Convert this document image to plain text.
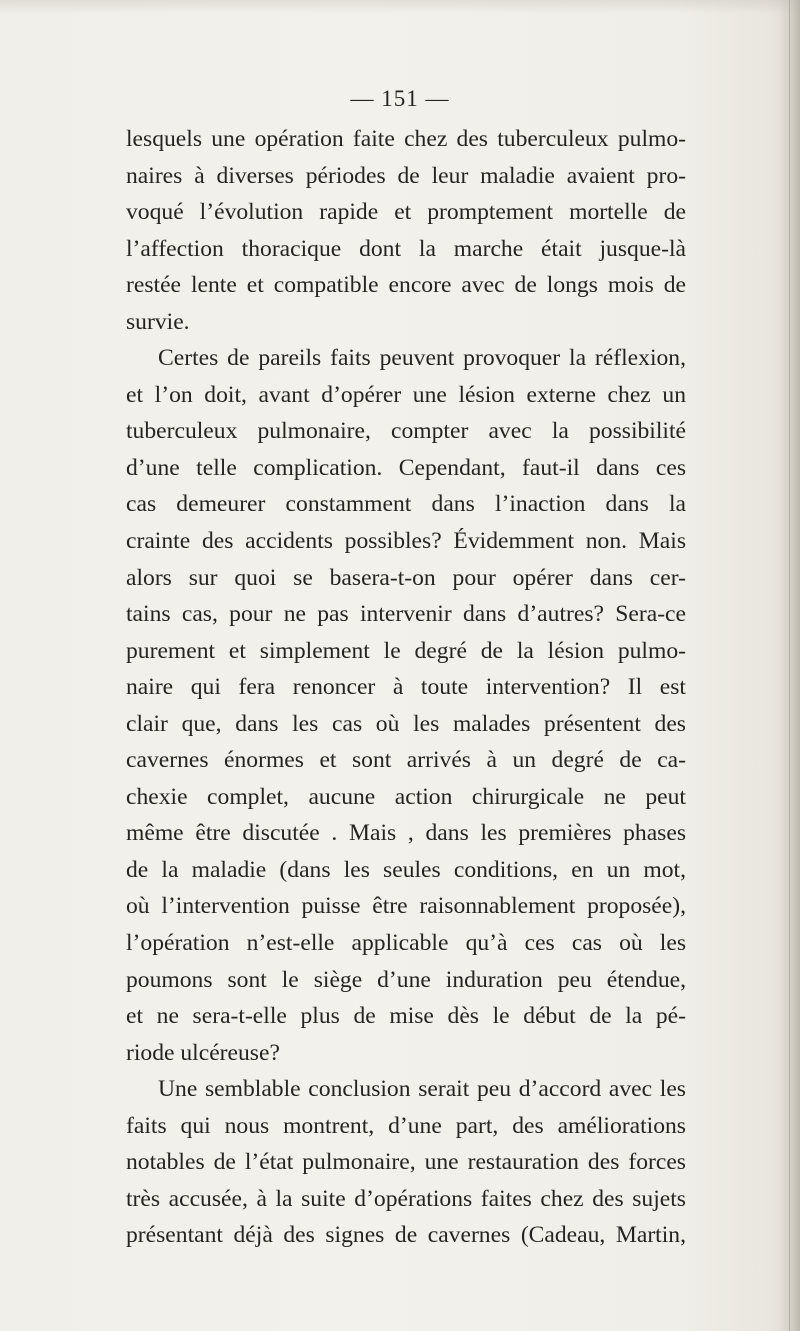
— 151 —
lesquels une opération faite chez des tuberculeux pulmo-
naires à diverses périodes de leur maladie avaient pro-
voqué l’évolution rapide et promptement mortelle de
l’affection thoracique dont la marche était jusque-là
restée lente et compatible encore avec de longs mois de
survie.
Certes de pareils faits peuvent provoquer la réflexion,
et l’on doit, avant d’opérer une lésion externe chez un
tuberculeux pulmonaire, compter avec la possibilité
d’une telle complication. Cependant, faut-il dans ces
cas demeurer constamment dans l’inaction dans la
crainte des accidents possibles? Évidemment non. Mais
alors sur quoi se basera-t-on pour opérer dans cer-
tains cas, pour ne pas intervenir dans d’autres? Sera-ce
purement et simplement le degré de la lésion pulmo-
naire qui fera renoncer à toute intervention? Il est
clair que, dans les cas où les malades présentent des
cavernes énormes et sont arrivés à un degré de ca-
chexie complet, aucune action chirurgicale ne peut
même être discutée . Mais , dans les premières phases
de la maladie (dans les seules conditions, en un mot,
où l’intervention puisse être raisonnablement proposée),
l’opération n’est-elle applicable qu’à ces cas où les
poumons sont le siège d’une induration peu étendue,
et ne sera-t-elle plus de mise dès le début de la pé-
riode ulcéreuse?
Une semblable conclusion serait peu d’accord avec les
faits qui nous montrent, d’une part, des améliorations
notables de l’état pulmonaire, une restauration des forces
très accusée, à la suite d’opérations faites chez des sujets
présentant déjà des signes de cavernes (Cadeau, Martin,
